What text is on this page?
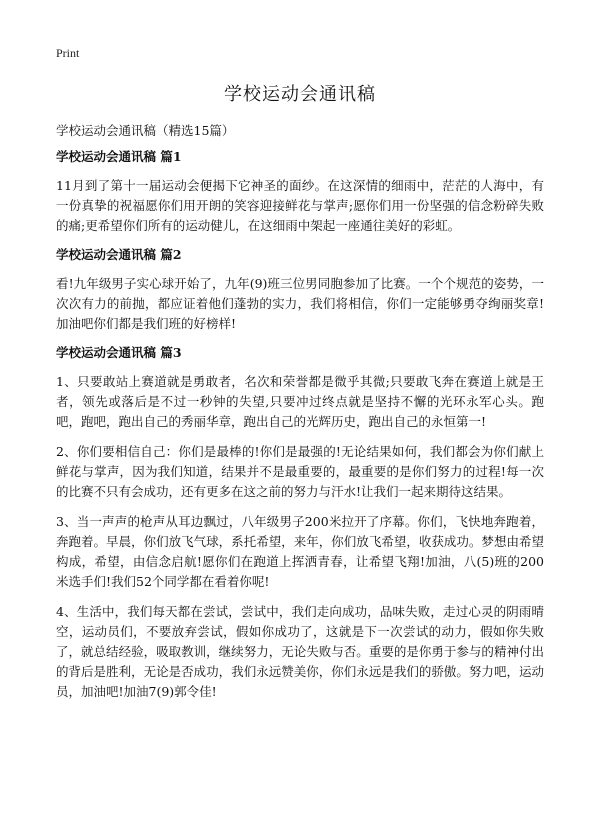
Print
学校运动会通讯稿

学校运动会通讯稿（精选15篇）

学校运动会通讯稿 篇1

11月到了第十一届运动会便揭下它神圣的面纱。在这深情的细雨中，茫茫的人海中，有一份真挚的祝福愿你们用开朗的笑容迎接鲜花与掌声;愿你们用一份坚强的信念粉碎失败的痛;更希望你们所有的运动健儿，在这细雨中架起一座通往美好的彩虹。

学校运动会通讯稿 篇2

看!九年级男子实心球开始了，九年(9)班三位男同胞参加了比赛。一个个规范的姿势，一次次有力的前抛，都应证着他们蓬勃的实力，我们将相信，你们一定能够勇夺绚丽奖章!加油吧你们都是我们班的好榜样!

学校运动会通讯稿 篇3

1、只要敢站上赛道就是勇敢者，名次和荣誉都是微乎其微;只要敢飞奔在赛道上就是王者，领先或落后是不过一秒钟的失望,只要冲过终点就是坚持不懈的光环永军心头。跑吧，跑吧，跑出自己的秀丽华章，跑出自己的光辉历史，跑出自己的永恒第一!

2、你们要相信自己：你们是最棒的!你们是最强的!无论结果如何，我们都会为你们献上鲜花与掌声，因为我们知道，结果并不是最重要的，最重要的是你们努力的过程!每一次的比赛不只有会成功，还有更多在这之前的努力与汗水!让我们一起来期待这结果。

3、当一声声的枪声从耳边飘过，八年级男子200米拉开了序幕。你们，飞快地奔跑着，奔跑着。早晨，你们放飞气球，系托希望，来年，你们放飞希望，收获成功。梦想由希望构成，希望，由信念启航!愿你们在跑道上挥洒青春，让希望飞翔!加油，八(5)班的200米选手们!我们52个同学都在看着你呢!

4、生活中，我们每天都在尝试，尝试中，我们走向成功，品味失败，走过心灵的阴雨晴空，运动员们，不要放弃尝试，假如你成功了，这就是下一次尝试的动力，假如你失败了，就总结经验，吸取教训，继续努力，无论失败与否。重要的是你勇于参与的精神付出的背后是胜利，无论是否成功，我们永远赞美你，你们永远是我们的骄傲。努力吧，运动员，加油吧!加油7(9)郭令佳!
